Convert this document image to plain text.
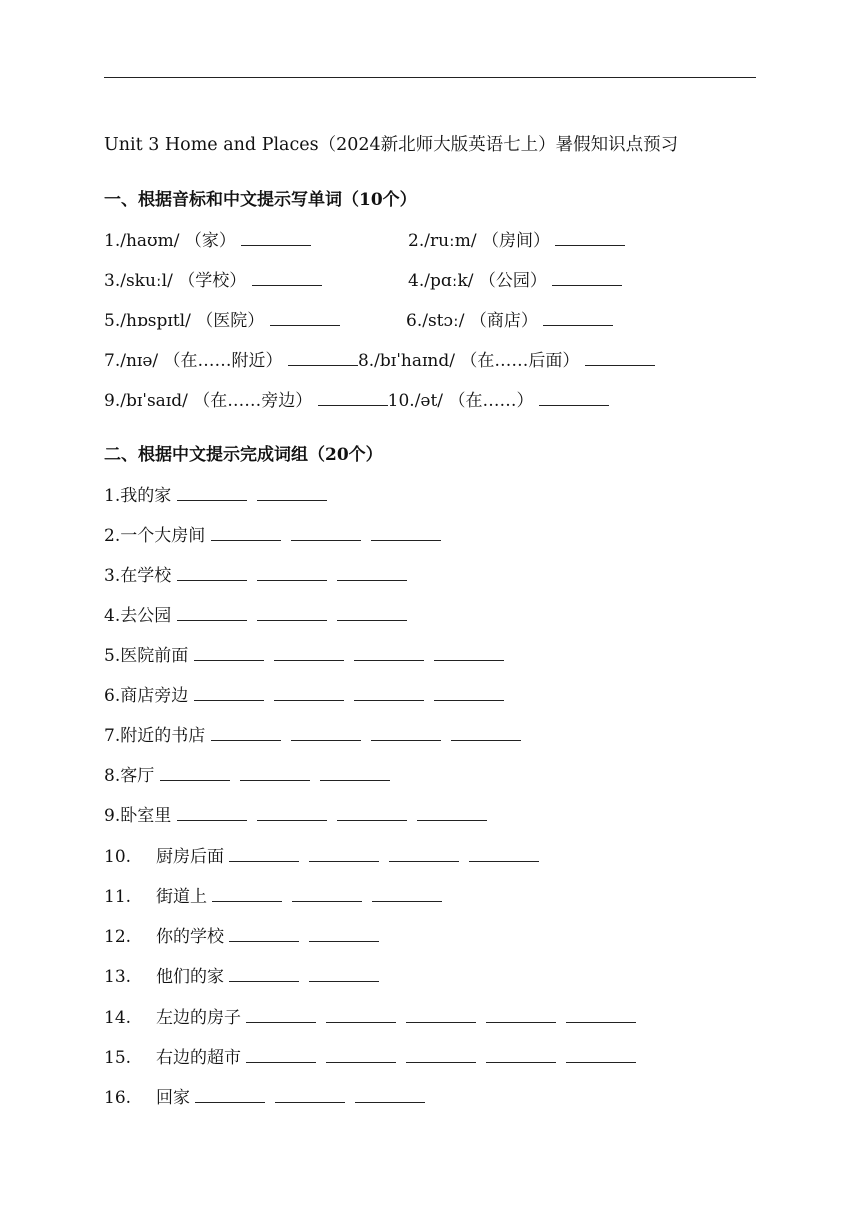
Unit 3 Home and Places（2024新北师大版英语七上）暑假知识点预习
一、根据音标和中文提示写单词（10个）
1./haʊm/ （家）	2./ruːm/ （房间）
3./skuːl/ （学校）	4./pɑːk/ （公园）
5./hɒspɪtl/ （医院）	6./stɔː/ （商店）
7./nɪə/ （在……附近）	8./bɪˈhaɪnd/ （在……后面）
9./bɪˈsaɪd/ （在……旁边）	10./ət/ （在……）
二、根据中文提示完成词组（20个）
1.我的家
2.一个大房间
3.在学校
4.去公园
5.医院前面
6.商店旁边
7.附近的书店
8.客厅
9.卧室里
10. 厨房后面
11. 街道上
12. 你的学校
13. 他们的家
14. 左边的房子
15. 右边的超市
16. 回家
